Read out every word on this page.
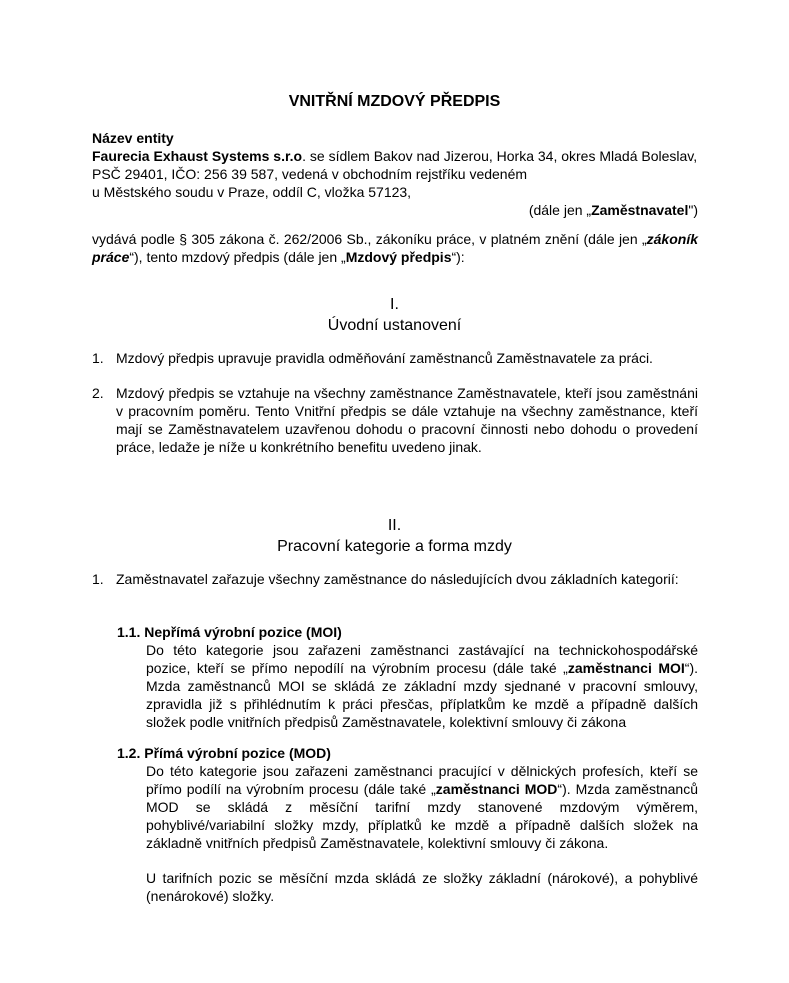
VNITŘNÍ MZDOVÝ PŘEDPIS

Název entity

Faurecia Exhaust Systems s.r.o. se sídlem Bakov nad Jizerou, Horka 34, okres Mladá Boleslav, PSČ 29401, IČO: 256 39 587, vedená v obchodním rejstříku vedeném

u Městského soudu v Praze, oddíl C, vložka 57123,

(dále jen „Zaměstnavatel")

vydává podle § 305 zákona č. 262/2006 Sb., zákoníku práce, v platném znění (dále jen „zákoník práce“), tento mzdový předpis (dále jen „Mzdový předpis“):
I.
Úvodní ustanovení
1. Mzdový předpis upravuje pravidla odměňování zaměstnanců Zaměstnavatele za práci.
2. Mzdový předpis se vztahuje na všechny zaměstnance Zaměstnavatele, kteří jsou zaměstnáni v pracovním poměru. Tento Vnitřní předpis se dále vztahuje na všechny zaměstnance, kteří mají se Zaměstnavatelem uzavřenou dohodu o pracovní činnosti nebo dohodu o provedení práce, ledaže je níže u konkrétního benefitu uvedeno jinak.
II.
Pracovní kategorie a forma mzdy
1. Zaměstnavatel zařazuje všechny zaměstnance do následujících dvou základních kategorií:
1.1. Nepřímá výrobní pozice (MOI)
Do této kategorie jsou zařazeni zaměstnanci zastávající na technickohospodářské pozice, kteří se přímo nepodílí na výrobním procesu (dále také „zaměstnanci MOI“). Mzda zaměstnanců MOI se skládá ze základní mzdy sjednané v pracovní smlouvy, zpravidla již s přihlédnutím k práci přesčas, příplatkům ke mzdě a případně dalších složek podle vnitřních předpisů Zaměstnavatele, kolektivní smlouvy či zákona
1.2. Přímá výrobní pozice (MOD)

Do této kategorie jsou zařazeni zaměstnanci pracující v dělnických profesích, kteří se přímo podílí na výrobním procesu (dále také „zaměstnanci MOD“). Mzda zaměstnanců MOD se skládá z měsíční tarifní mzdy stanovené mzdovým výměrem, pohyblivé/variabilní složky mzdy, příplatků ke mzdě a případně dalších složek na základně vnitřních předpisů Zaměstnavatele, kolektivní smlouvy či zákona.

U tarifních pozic se měsíční mzda skládá ze složky základní (nárokové), a pohyblivé (nenárokové) složky.
